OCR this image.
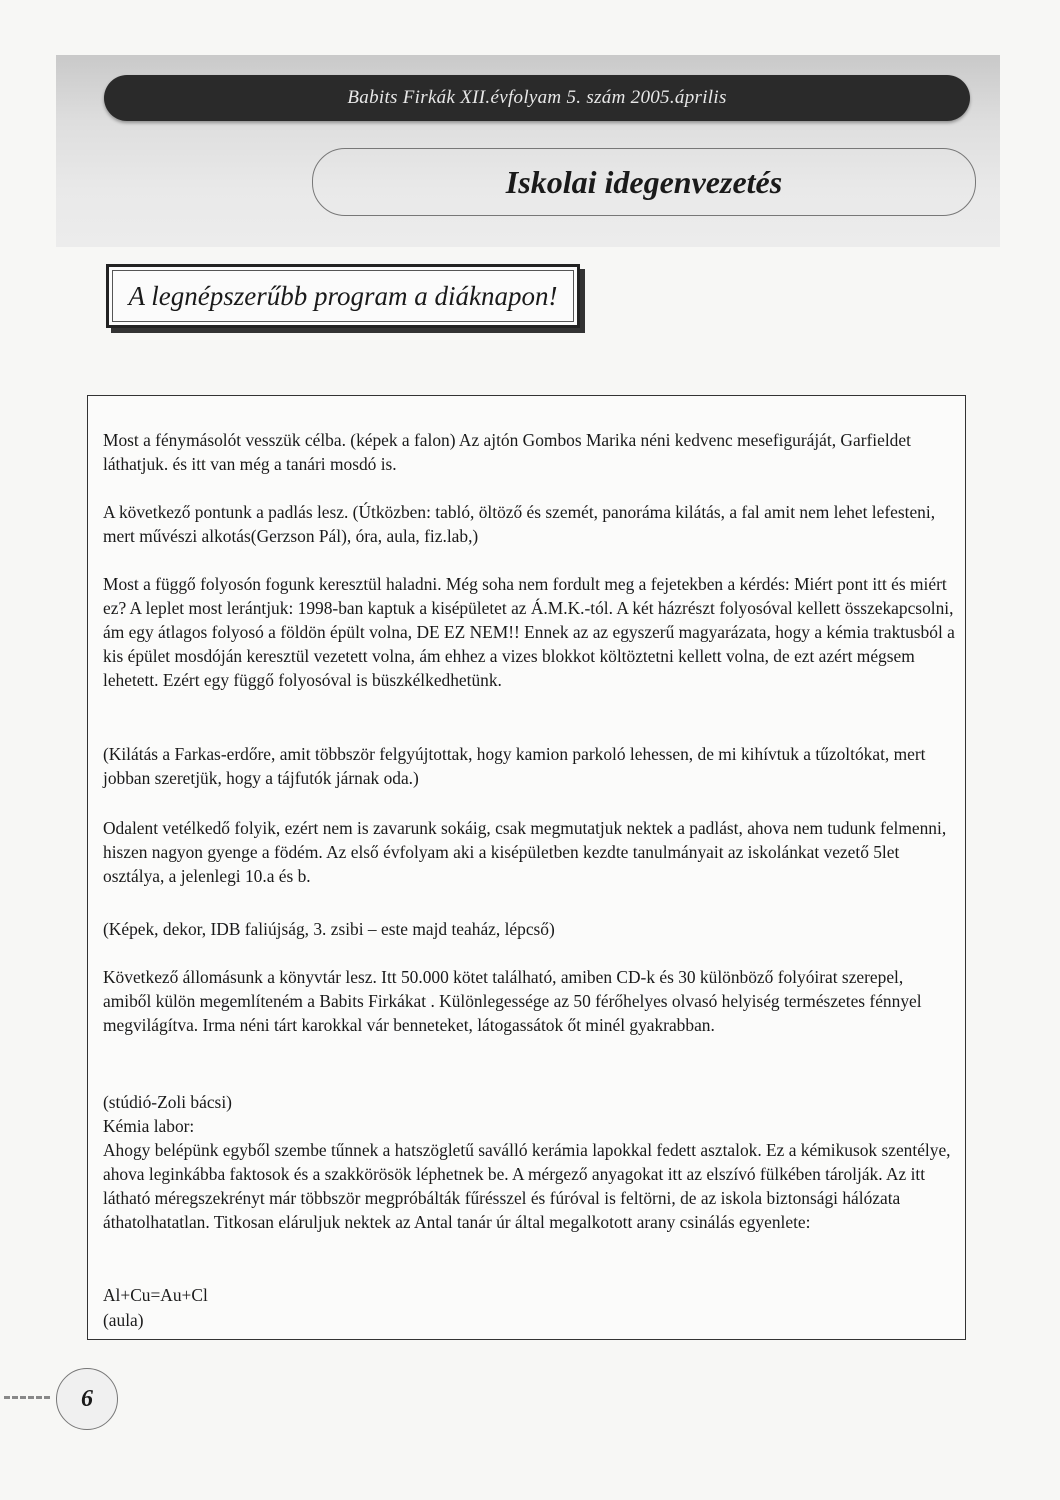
Babits Firkák XII.évfolyam 5. szám 2005.április
Iskolai idegenvezetés
A legnépszerűbb program a diáknapon!

Most a fénymásolót vesszük célba. (képek a falon) Az ajtón Gombos Marika néni kedvenc mesefiguráját, Garfieldet láthatjuk. és itt van még a tanári mosdó is.

A következő pontunk a padlás lesz. (Útközben: tabló, öltöző és szemét, panoráma kilátás, a fal amit nem lehet lefesteni, mert művészi alkotás(Gerzson Pál), óra, aula, fiz.lab,)

Most a függő folyosón fogunk keresztül haladni. Még soha nem fordult meg a fejetekben a kérdés: Miért pont itt és miért ez? A leplet most lerántjuk: 1998-ban kaptuk a kisépületet az Á.M.K.-tól. A két házrészt folyosóval kellett összekapcsolni, ám egy átlagos folyosó a földön épült volna, DE EZ NEM!! Ennek az az egyszerű magyarázata, hogy a kémia traktusból a kis épület mosdóján keresztül vezetett volna, ám ehhez a vizes blokkot költöztetni kellett volna, de ezt azért mégsem lehetett. Ezért egy függő folyosóval is büszkélkedhetünk.

(Kilátás a Farkas-erdőre, amit többször felgyújtottak, hogy kamion parkoló lehessen, de mi kihívtuk a tűzoltókat, mert jobban szeretjük, hogy a tájfutók járnak oda.)

Odalent vetélkedő folyik, ezért nem is zavarunk sokáig, csak megmutatjuk nektek a padlást, ahova nem tudunk felmenni, hiszen nagyon gyenge a födém. Az első évfolyam aki a kisépületben kezdte tanulmányait az iskolánkat vezető 5let osztálya, a jelenlegi 10.a és b.

(Képek, dekor, IDB faliújság, 3. zsibi – este majd teaház, lépcső)

Következő állomásunk a könyvtár lesz. Itt 50.000 kötet található, amiben CD-k és 30 különböző folyóirat szerepel, amiből külön megemlíteném a Babits Firkákat . Különlegessége az 50 férőhelyes olvasó helyiség természetes fénnyel megvilágítva. Irma néni tárt karokkal vár benneteket, látogassátok őt minél gyakrabban.

(stúdió-Zoli bácsi)

Kémia labor:

Ahogy belépünk egyből szembe tűnnek a hatszögletű saválló kerámia lapokkal fedett asztalok. Ez a kémikusok szentélye, ahova leginkábba faktosok és a szakkörösök léphetnek be. A mérgező anyagokat itt az elszívó fülkében tárolják. Az itt látható méregszekrényt már többször megpróbálták fűrésszel és fúróval is feltörni, de az iskola biztonsági hálózata áthatolhatatlan. Titkosan eláruljuk nektek az Antal tanár úr által megalkotott arany csinálás egyenlete:

Al+Cu=Au+Cl

(aula)

6
